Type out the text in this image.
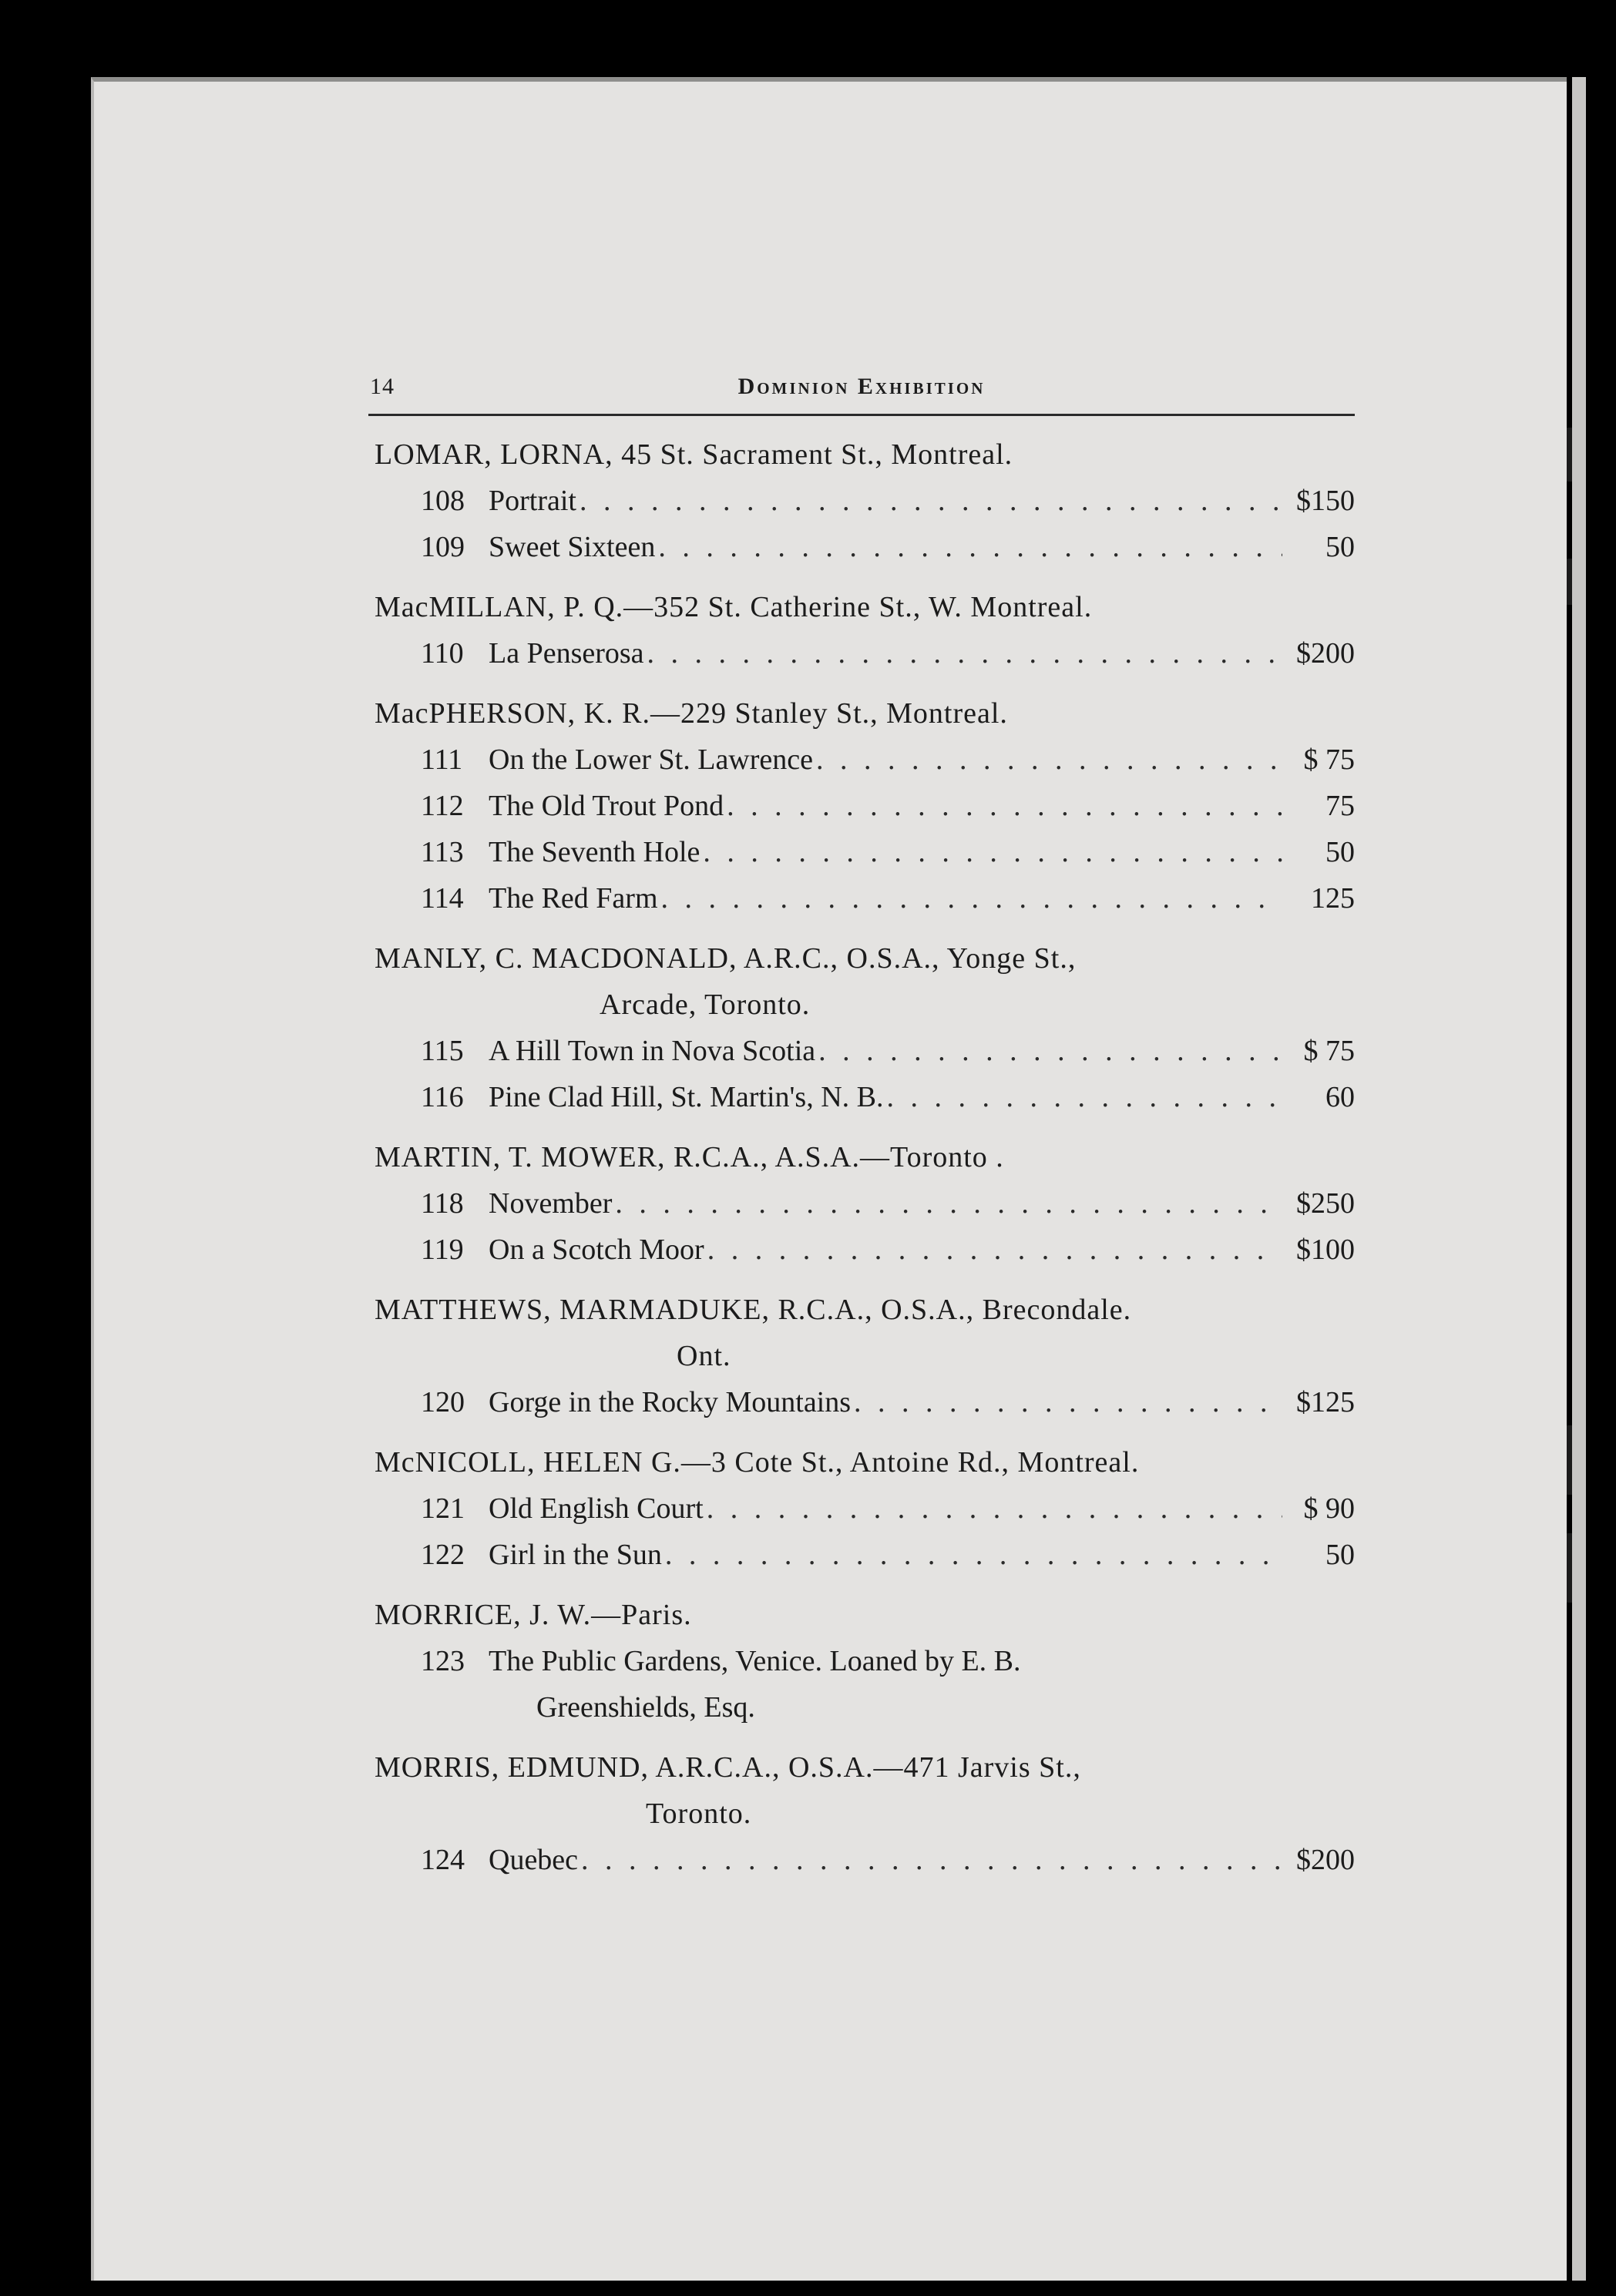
14	Dominion Exhibition
LOMAR, LORNA, 45 St. Sacrament St., Montreal.
108 Portrait . . .	$150
109 Sweet Sixteen . . .	50
MacMILLAN, P. Q.—352 St. Catherine St., W. Montreal.
110 La Penserosa . . .	$200
MacPHERSON, K. R.—229 Stanley St., Montreal.
111 On the Lower St. Lawrence . . .	$ 75
112 The Old Trout Pond . . .	75
113 The Seventh Hole . . .	50
114 The Red Farm . . .	125
MANLY, C. MACDONALD, A.R.C., O.S.A., Yonge St.,
Arcade, Toronto.
115 A Hill Town in Nova Scotia . . .	$ 75
116 Pine Clad Hill, St. Martin's, N. B. . . .	60
MARTIN, T. MOWER, R.C.A., A.S.A.—Toronto .
118 November . . .	$250
119 On a Scotch Moor . . .	$100
MATTHEWS, MARMADUKE, R.C.A., O.S.A., Brecondale.
Ont.
120 Gorge in the Rocky Mountains . . .	$125
McNICOLL, HELEN G.—3 Cote St., Antoine Rd., Montreal.
121 Old English Court . . .	$ 90
122 Girl in the Sun . . .	50
MORRICE, J. W.—Paris.
123 The Public Gardens, Venice. Loaned by E. B.
Greenshields, Esq.
MORRIS, EDMUND, A.R.C.A., O.S.A.—471 Jarvis St.,
Toronto.
124 Quebec . . .	$200
